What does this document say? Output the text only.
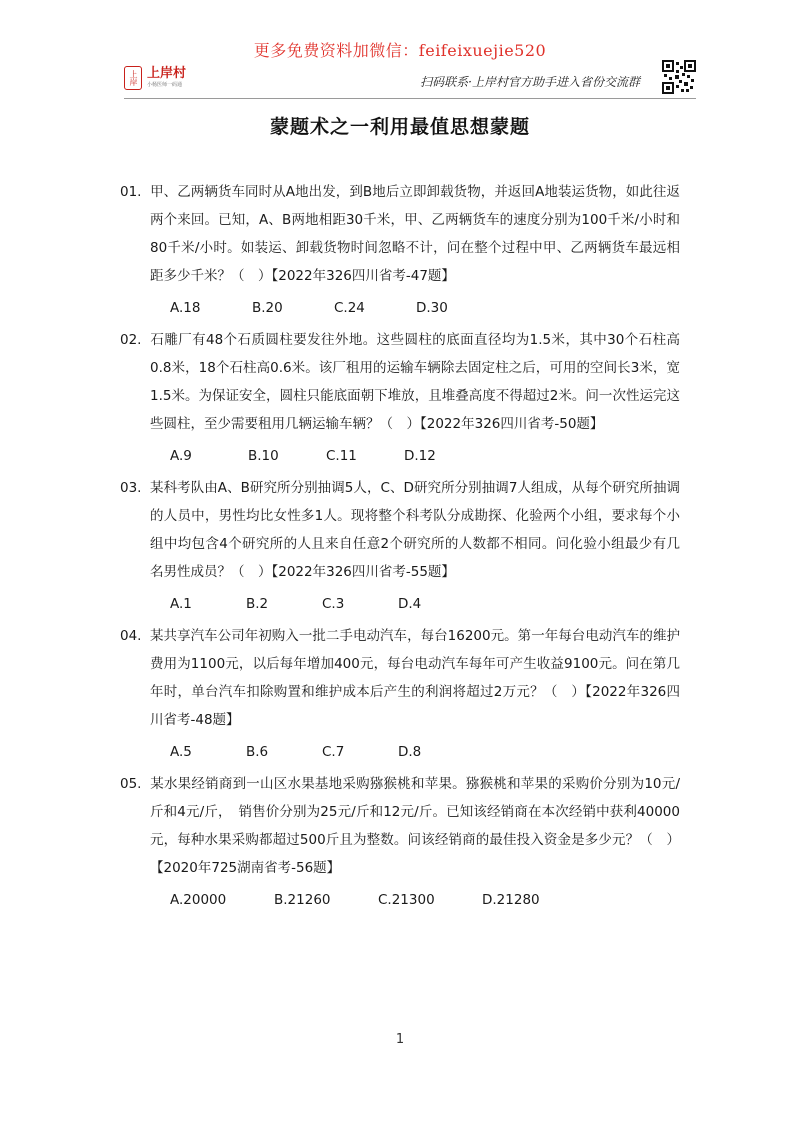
更多免费资料加微信：feifeixuejie520
上岸 上岸村
小杨医师一码通	扫码联系·上岸村官方助手进入省份交流群
蒙题术之一利用最值思想蒙题
01. 甲、乙两辆货车同时从A地出发，到B地后立即卸载货物，并返回A地装运货物，如此往返两个来回。已知，A、B两地相距30千米，甲、乙两辆货车的速度分别为100千米/小时和80千米/小时。如装运、卸载货物时间忽略不计，问在整个过程中甲、乙两辆货车最远相距多少千米？（　）【2022年326四川省考-47题】
A.18	B.20	C.24	D.30
02. 石雕厂有48个石质圆柱要发往外地。这些圆柱的底面直径均为1.5米，其中30个石柱高0.8米，18个石柱高0.6米。该厂租用的运输车辆除去固定柱之后，可用的空间长3米，宽1.5米。为保证安全，圆柱只能底面朝下堆放，且堆叠高度不得超过2米。问一次性运完这些圆柱，至少需要租用几辆运输车辆？（　）【2022年326四川省考-50题】
A.9	B.10	C.11	D.12
03. 某科考队由A、B研究所分别抽调5人，C、D研究所分别抽调7人组成，从每个研究所抽调的人员中，男性均比女性多1人。现将整个科考队分成勘探、化验两个小组，要求每个小组中均包含4个研究所的人且来自任意2个研究所的人数都不相同。问化验小组最少有几名男性成员？（　）【2022年326四川省考-55题】
A.1	B.2	C.3	D.4
04. 某共享汽车公司年初购入一批二手电动汽车，每台16200元。第一年每台电动汽车的维护费用为1100元，以后每年增加400元，每台电动汽车每年可产生收益9100元。问在第几年时，单台汽车扣除购置和维护成本后产生的利润将超过2万元？（　）【2022年326四川省考-48题】
A.5	B.6	C.7	D.8
05. 某水果经销商到一山区水果基地采购猕猴桃和苹果。猕猴桃和苹果的采购价分别为10元/斤和4元/斤，　销售价分别为25元/斤和12元/斤。已知该经销商在本次经销中获利40000元，每种水果采购都超过500斤且为整数。问该经销商的最佳投入资金是多少元？（　）【2020年725湖南省考-56题】
A.20000	B.21260	C.21300	D.21280
1
